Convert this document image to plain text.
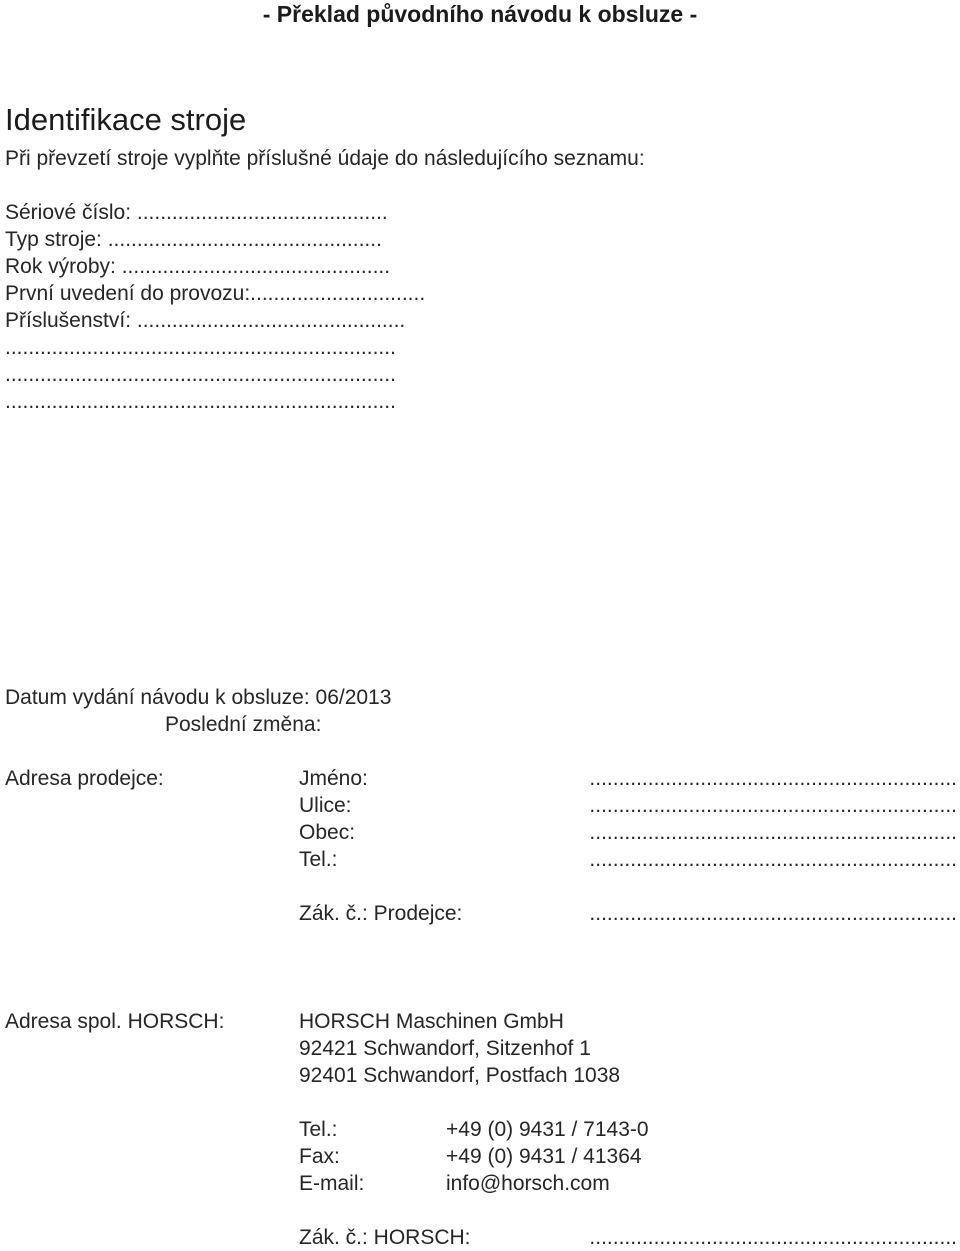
- Překlad původního návodu k obsluze -
Identifikace stroje
Při převzetí stroje vyplňte příslušné údaje do následujícího seznamu:
Sériové číslo: ...........................................
Typ stroje: ...............................................
Rok výroby: ..............................................
První uvedení do provozu:..............................
Příslušenství: ..............................................
...................................................................
...................................................................
...................................................................
Datum vydání návodu k obsluze: 06/2013
Poslední změna:
Adresa prodejce:	Jméno:	...............................................................
Ulice:	...............................................................
Obec:	...............................................................
Tel.:	...............................................................
Zák. č.: Prodejce:	...............................................................
Adresa spol. HORSCH:	HORSCH Maschinen GmbH
92421 Schwandorf, Sitzenhof 1
92401 Schwandorf, Postfach 1038
Tel.:	+49 (0) 9431 / 7143-0
Fax:	+49 (0) 9431 / 41364
E-mail:	info@horsch.com
Zák. č.: HORSCH:	...............................................................
